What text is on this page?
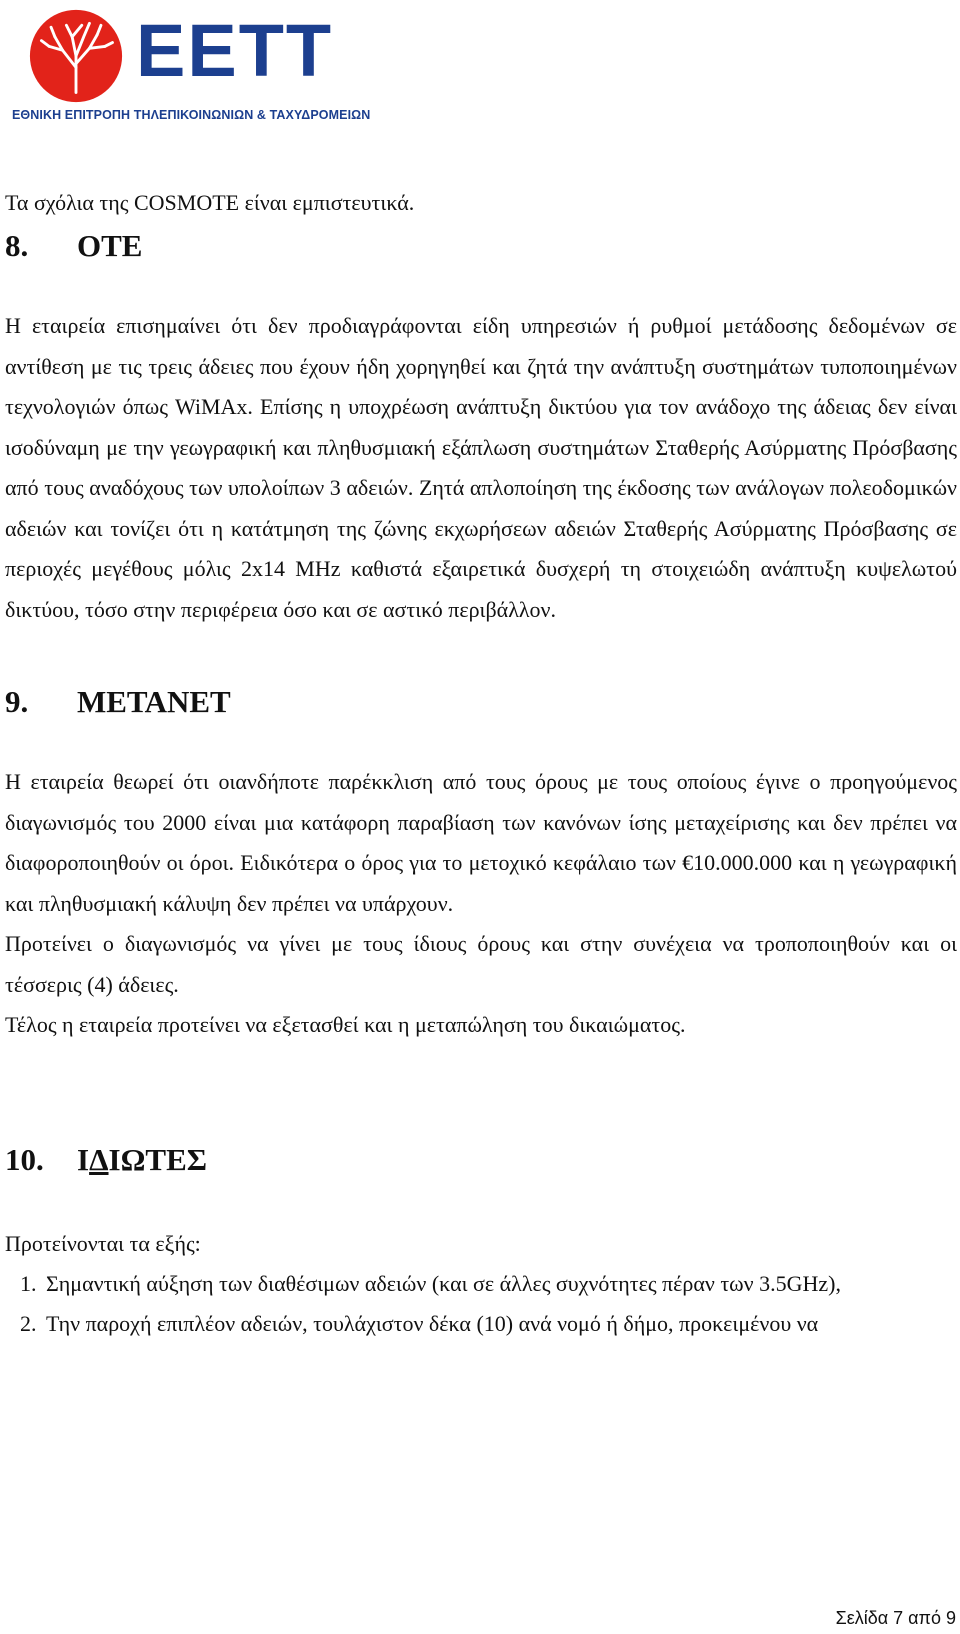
ΕΕΤΤ
ΕΘΝΙΚΗ ΕΠΙΤΡΟΠΗ ΤΗΛΕΠΙΚΟΙΝΩΝΙΩΝ & ΤΑΧΥΔΡΟΜΕΙΩΝ

Τα σχόλια της COSMOTE είναι εμπιστευτικά.

8.	ΟΤΕ

Η εταιρεία επισημαίνει ότι δεν προδιαγράφονται είδη υπηρεσιών ή ρυθμοί μετάδοσης δεδομένων σε αντίθεση με τις τρεις άδειες που έχουν ήδη χορηγηθεί και ζητά την ανάπτυξη συστημάτων τυποποιημένων τεχνολογιών όπως WiMAx. Επίσης η υποχρέωση ανάπτυξη δικτύου για τον ανάδοχο της άδειας δεν είναι ισοδύναμη με την γεωγραφική και πληθυσμιακή εξάπλωση συστημάτων Σταθερής Ασύρματης Πρόσβασης από τους αναδόχους των υπολοίπων 3 αδειών. Ζητά απλοποίηση της έκδοσης των ανάλογων πολεοδομικών αδειών και τονίζει ότι η κατάτμηση της ζώνης εκχωρήσεων αδειών Σταθερής Ασύρματης Πρόσβασης σε περιοχές μεγέθους μόλις 2x14 MHz καθιστά εξαιρετικά δυσχερή τη στοιχειώδη ανάπτυξη κυψελωτού δικτύου, τόσο στην περιφέρεια όσο και σε αστικό περιβάλλον.

9.	ΜΕΤΑΝΕΤ

Η εταιρεία θεωρεί ότι οιανδήποτε παρέκκλιση από τους όρους με τους οποίους έγινε ο προηγούμενος διαγωνισμός του 2000 είναι μια κατάφορη παραβίαση των κανόνων ίσης μεταχείρισης και δεν πρέπει να διαφοροποιηθούν οι όροι. Ειδικότερα ο όρος για το μετοχικό κεφάλαιο των €10.000.000 και η γεωγραφική και πληθυσμιακή κάλυψη δεν πρέπει να υπάρχουν.

Προτείνει ο διαγωνισμός να γίνει με τους ίδιους όρους και στην συνέχεια να τροποποιηθούν και οι τέσσερις (4) άδειες.

Τέλος η εταιρεία προτείνει να εξετασθεί και η μεταπώληση του δικαιώματος.

10.	ΙΔΙΩΤΕΣ

Προτείνονται τα εξής:

1. Σημαντική αύξηση των διαθέσιμων αδειών (και σε άλλες συχνότητες πέραν των 3.5GHz),
2. Την παροχή επιπλέον αδειών, τουλάχιστον δέκα (10) ανά νομό ή δήμο, προκειμένου να
Σελίδα 7 από 9
